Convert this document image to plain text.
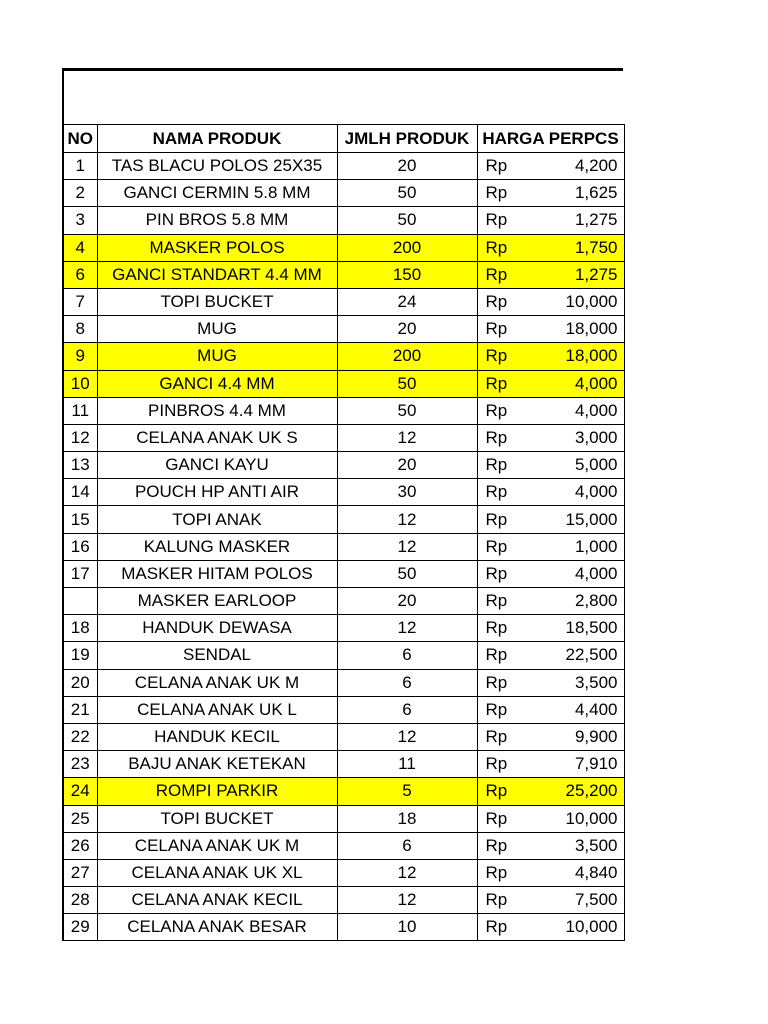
NO	NAMA PRODUK	JMLH PRODUK	HARGA PERPCS
1	TAS BLACU POLOS 25X35	20	Rp 4,200

2	GANCI CERMIN 5.8 MM	50	Rp 1,625

3	PIN BROS 5.8 MM	50	Rp 1,275

4	MASKER POLOS	200	Rp 1,750

6	GANCI STANDART 4.4 MM	150	Rp 1,275

7	TOPI BUCKET	24	Rp 10,000

8	MUG	20	Rp 18,000

9	MUG	200	Rp 18,000

10	GANCI 4.4 MM	50	Rp 4,000

11	PINBROS 4.4 MM	50	Rp 4,000

12	CELANA ANAK UK S	12	Rp 3,000

13	GANCI KAYU	20	Rp 5,000

14	POUCH HP ANTI AIR	30	Rp 4,000

15	TOPI ANAK	12	Rp 15,000

16	KALUNG MASKER	12	Rp 1,000

17	MASKER HITAM POLOS	50	Rp 4,000

	MASKER EARLOOP	20	Rp 2,800

18	HANDUK DEWASA	12	Rp 18,500

19	SENDAL	6	Rp 22,500

20	CELANA ANAK UK M	6	Rp 3,500

21	CELANA ANAK UK L	6	Rp 4,400

22	HANDUK KECIL	12	Rp 9,900

23	BAJU ANAK KETEKAN	11	Rp 7,910

24	ROMPI PARKIR	5	Rp 25,200

25	TOPI BUCKET	18	Rp 10,000

26	CELANA ANAK UK M	6	Rp 3,500

27	CELANA ANAK UK XL	12	Rp 4,840

28	CELANA ANAK KECIL	12	Rp 7,500

29	CELANA ANAK BESAR	10	Rp 10,000
